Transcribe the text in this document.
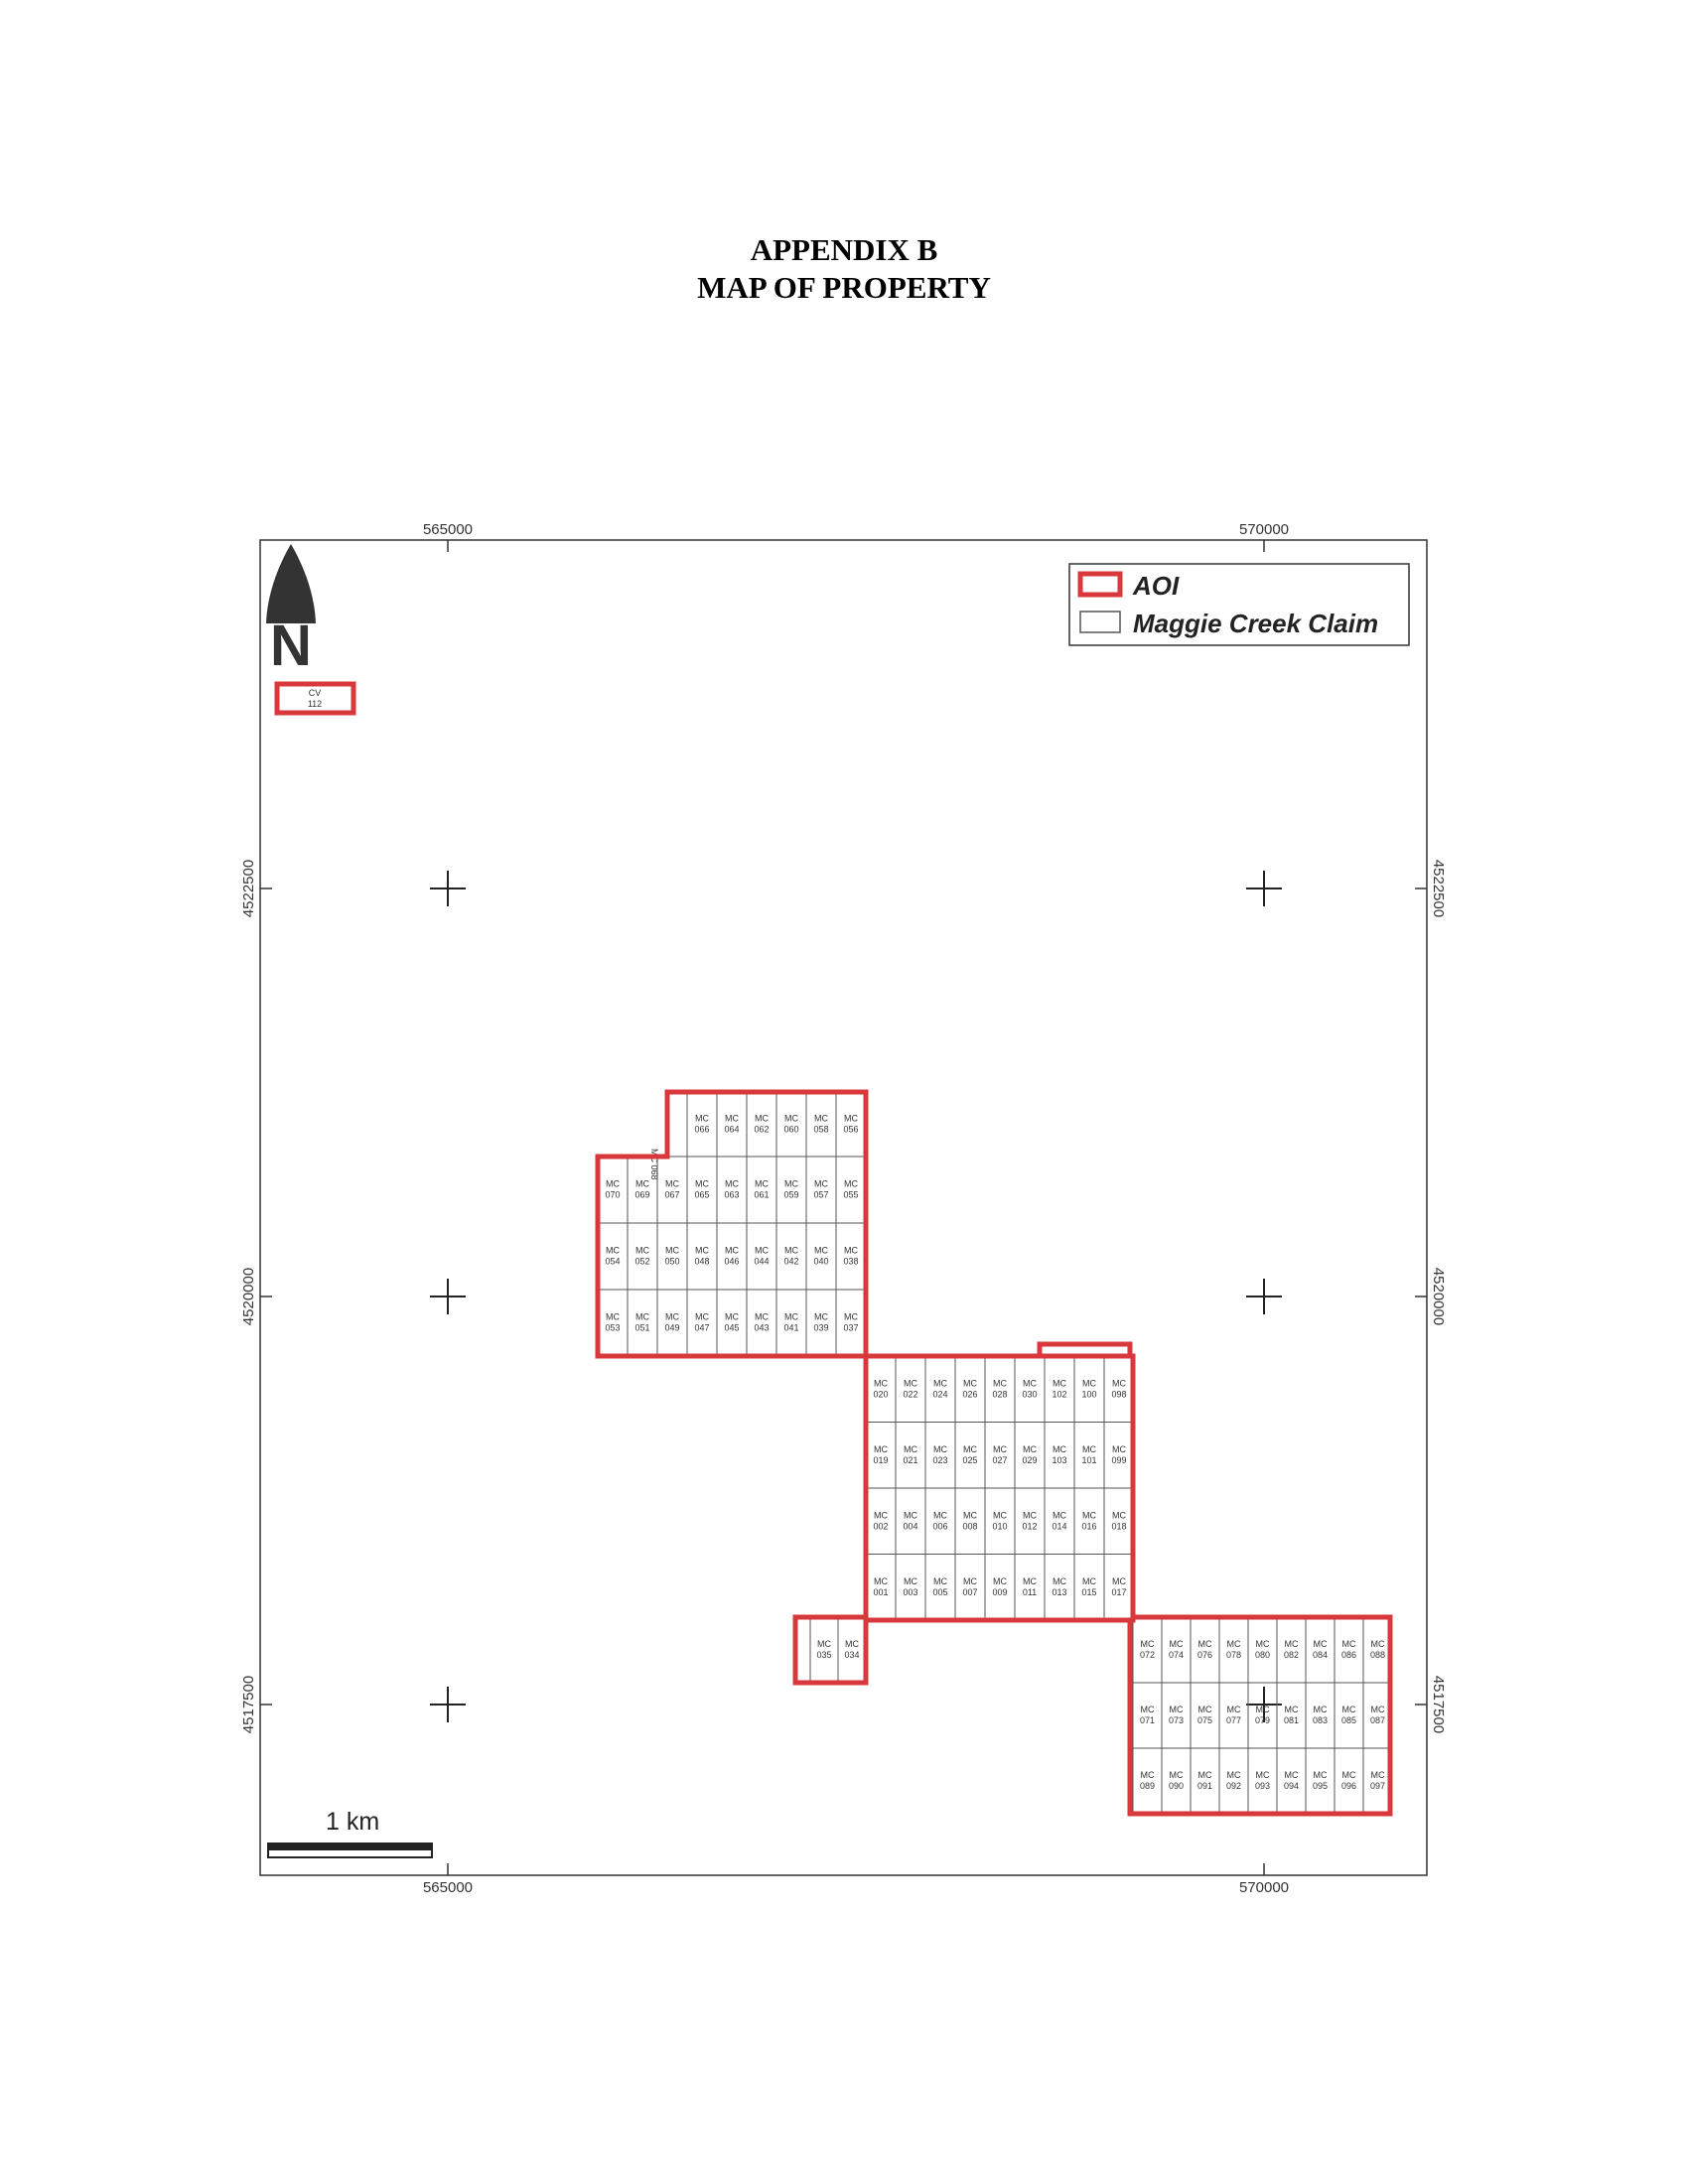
APPENDIX B
MAP OF PROPERTY
565000	570000
565000	570000
4522500
4520000
4517500
4522500
4520000
4517500
N
CV
112
AOI
Maggie Creek Claim
1 km
MC
066
MC
064
MC
062
MC
060
MC
058
MC
056
MC
070
MC
069
MC
067
MC
065
MC
063
MC
061
MC
059
MC
057
MC
055
MC
054
MC
052
MC
050
MC
048
MC
046
MC
044
MC
042
MC
040
MC
038
MC
053
MC
051
MC
049
MC
047
MC
045
MC
043
MC
041
MC
039
MC
037
MC 068
MC
020
MC
022
MC
024
MC
026
MC
028
MC
030
MC
102
MC
100
MC
098
MC
019
MC
021
MC
023
MC
025
MC
027
MC
029
MC
103
MC
101
MC
099
MC
002
MC
004
MC
006
MC
008
MC
010
MC
012
MC
014
MC
016
MC
018
MC
001
MC
003
MC
005
MC
007
MC
009
MC
011
MC
013
MC
015
MC
017
MC
035
MC
034
MC
072
MC
074
MC
076
MC
078
MC
080
MC
082
MC
084
MC
086
MC
088
MC
071
MC
073
MC
075
MC
077
MC
079
MC
081
MC
083
MC
085
MC
087
MC
089
MC
090
MC
091
MC
092
MC
093
MC
094
MC
095
MC
096
MC
097
